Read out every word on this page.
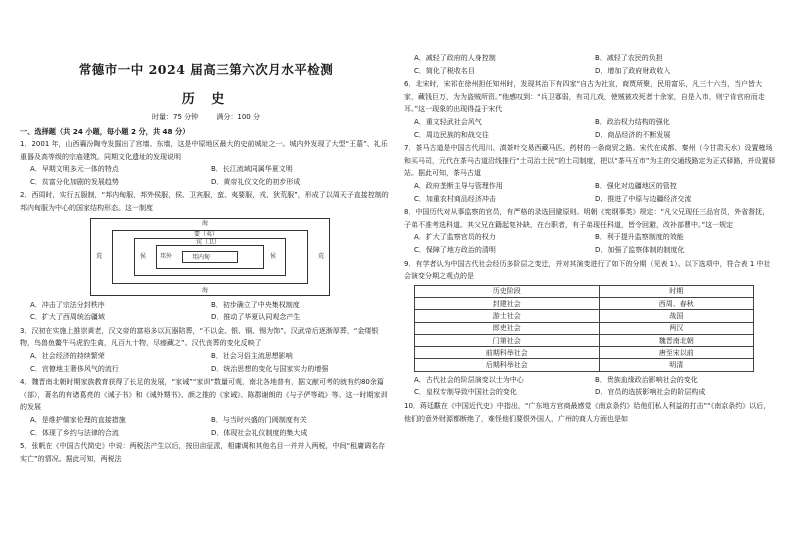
常德市一中 2024 届高三第六次月水平检测
历 史
时量：75 分钟	满分：100 分
一、选择题（共 24 小题，每小题 2 分，共 48 分）
1．2001 年，山西襄汾陶寺发掘出了宫墙、东墙，这是中原地区最大的史前城址之一。城内外发现了大型“王墓”、礼乐重器及高等级的宗庙建筑。同期文化遗址的发现说明
A．早期文明多元一体的特点	B．长江流域同属华夏文明
C．贫富分化加剧的发展趋势	D．黄帝礼仪文化的初步形成
2．西周时，实行五服制，“邦内甸服，邦外侯服，侯、卫宾服，蛮、夷要服，戎、狄荒服”，形成了以周天子直接控制的邦内甸服为中心的国家结构形态。这一制度
海
海
荒	荒
要（夷）
宾（卫）
侯	侯
邦外	邦内甸
A．冲击了宗法分封秩序	B．初步确立了中央集权制度
C．扩大了西周统治疆域	D．推动了华夏认同观念产生
3．汉初在实施上推崇黄老，汉文帝的富裕多以瓦器陪葬，“不以金、银、铜、锡为饰”。汉武帝后逐渐厚葬，“金缕银物，鸟兽鱼鳖牛马虎豹生禽，凡百九十物，尽瘗藏之”。汉代丧葬的变化反映了
A．社会经济的持续繁荣	B．社会习俗主流思想影响
C．官僚地主奢侈风气的流行	D．统治思想的变化与国家实力的增强
4．魏晋南北朝时期家族教育获得了长足的发展，“家诫”“家训”数量可观，南北各地普有，据文献可考的就有约80余篇（部），著名的有诸葛亮的《诫子书》和《诫外甥书》、颜之推的《家诫》、陈郡谢朗的《与子俨等疏》等。这一时期家训的发展
A．是维护儒家伦理的直接措施	B．与当时兴盛的门阀制度有关
C．体现了乡约与法律的合流	D．体现社会礼仪制度的集大成
5．张帆在《中国古代简史》中说：两税法产生以后，按田亩征派，相庸调和其他名目一并并入两税，中间“租庸调名存实亡”的情况。据此可知，两税法
A．减轻了政府的人身控制	B．减轻了农民的负担
C．简化了税收名目	D．增加了政府财政收入
6．北宋时，宋祁在徐州担任知州时，发现其治下有四家“自古为社宣，商贾所聚，民用富乐，凡三十六当，当户皆大家，藏钱巨万，为为盗贼所资。”他感叹到：“兵卫寡弱，有司儿戏，使贼被攻死者十余家，自是入市，则宁肯官府而走耳。”这一现象的出现得益于宋代
A．重文轻武社会风气	B．政治权力结构的强化
C．周边民族的和战交往	D．商品经济的不断发展
7．茶马古道是中国古代用川、滇茶叶交易西藏马匹、药材的一条商贸之路。宋代在成都、秦州（今甘肃天水）设置榷场和买马司，元代在茶马古道沿线推行“土司治土民”的土司制度，把以“茶马互市”为主的交通线路定为正式驿路，并设置驿站。据此可知，茶马古道
A．政府垄断主导与管理作用	B．强化对边疆地区的管控
C．加重农村商品经济冲击	D．推进了中原与边疆经济交流
8．中国历代对从事监察的官员，有严格的录选回避原则。明朝《宪纲事类》规定：“凡父兄现任三品官员，外省督抚，子弟不准考选科道。其父兄在籍起复补缺，在台职者，有子弟现任科道，皆令回避，改补部曹中。”这一规定
A．扩大了监察官员的权力	B．利于提升监察制度的效能
C．保障了地方政治的清明	D．加强了监察体制的制度化
9．有学者认为中国古代社会经历多阶层之变迁，并对其演变进行了如下的分期（见表 1）。以下选项中，符合表 1 中社会演变分期之观点的是
历史阶段	时期
封建社会	西周、春秋
游士社会	战国
郎吏社会	两汉
门第社会	魏晋南北朝
前期科举社会	唐至宋以前
后期科举社会	明清
A．古代社会的阶层演变以士为中心	B．贵族血缘政治影响社会的变化
C．皇权专制导致中国社会的变化	D．官员的选拔影响社会的阶层构成
10．蒋廷黻在《中国近代史》中指出，“广东地方官商最感觉《南京条约》给他们私人利益的打击”“《南京条约》以后，他们的意外财源都断绝了，难怪他们要恨外国人，广州的商人方面也是如
